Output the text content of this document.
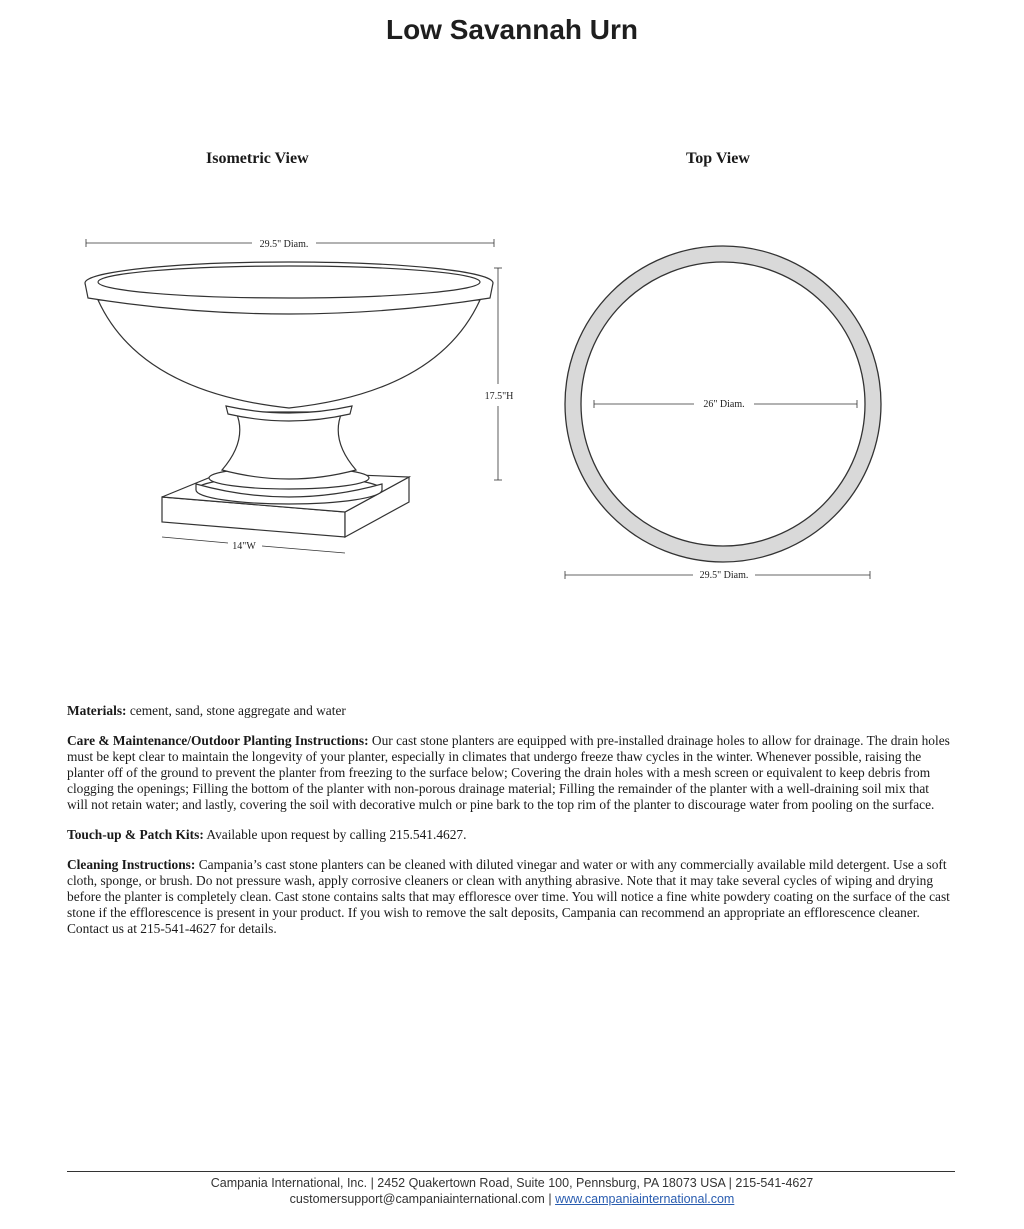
Low Savannah Urn
Isometric View	Top View
29.5" Diam.
17.5"H
14"W
26" Diam.
29.5" Diam.

Materials: cement, sand, stone aggregate and water

Care & Maintenance/Outdoor Planting Instructions: Our cast stone planters are equipped with pre-installed drainage holes to allow for drainage. The drain holes must be kept clear to maintain the longevity of your planter, especially in climates that undergo freeze thaw cycles in the winter. Whenever possible, raising the planter off of the ground to prevent the planter from freezing to the surface below; Covering the drain holes with a mesh screen or equivalent to keep debris from clogging the openings; Filling the bottom of the planter with non-porous drainage material; Filling the remainder of the planter with a well-draining soil mix that will not retain water; and lastly, covering the soil with decorative mulch or pine bark to the top rim of the planter to discourage water from pooling on the surface.

Touch-up & Patch Kits: Available upon request by calling 215.541.4627.

Cleaning Instructions: Campania’s cast stone planters can be cleaned with diluted vinegar and water or with any commercially available mild detergent. Use a soft cloth, sponge, or brush. Do not pressure wash, apply corrosive cleaners or clean with anything abrasive. Note that it may take several cycles of wiping and drying before the planter is completely clean. Cast stone contains salts that may effloresce over time. You will notice a fine white powdery coating on the surface of the cast stone if the efflorescence is present in your product. If you wish to remove the salt deposits, Campania can recommend an appropriate an efflorescence cleaner. Contact us at 215-541-4627 for details.

Campania International, Inc. | 2452 Quakertown Road, Suite 100, Pennsburg, PA 18073 USA | 215-541-4627
customersupport@campaniainternational.com | www.campaniainternational.com
